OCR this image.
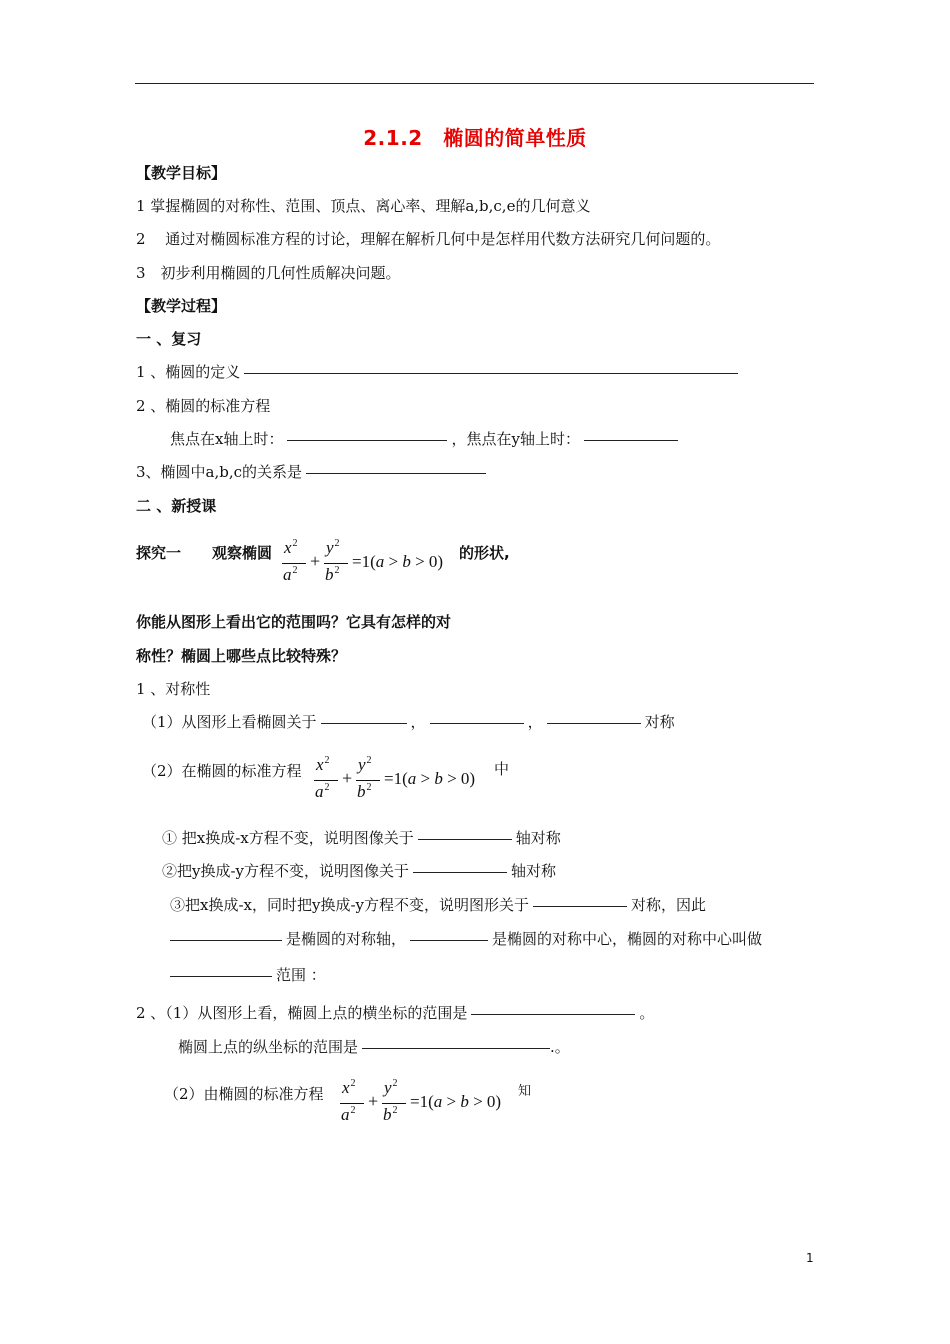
2.1.2　椭圆的简单性质
【教学目标】
1 掌握椭圆的对称性、范围、顶点、离心率、理解a,b,c,e的几何意义
2　 通过对椭圆标准方程的讨论，理解在解析几何中是怎样用代数方法研究几何问题的。
3　初步利用椭圆的几何性质解决问题。
【教学过程】
一 、复习
1 、椭圆的定义
2 、椭圆的标准方程
焦点在x轴上时：	，焦点在y轴上时：
3、椭圆中a,b,c的关系是
二 、新授课
探究一 观察椭圆 $x^2$
$a^2$ +
$y^2$
$b^2 =1(a > b > 0)$ 的形状,
你能从图形上看出它的范围吗？它具有怎样的对
称性？椭圆上哪些点比较特殊？
1 、对称性
（1）从图形上看椭圆关于	，	，	对称
（2）在椭圆的标准方程 $x^2$
$a^2$ +
$y^2$
$b^2 =1(a > b > 0)$ 中
① 把x换成-x方程不变，说明图像关于	轴对称
②把y换成-y方程不变，说明图像关于	轴对称
③把x换成-x，同时把y换成-y方程不变，说明图形关于	对称，因此
是椭圆的对称轴，	是椭圆的对称中心，椭圆的对称中心叫做
范围 ：
2 、（1）从图形上看，椭圆上点的横坐标的范围是	。
椭圆上点的纵坐标的范围是	.。
（2）由椭圆的标准方程 $x^2$
$a^2$ +
$y^2$
$b^2 =1(a > b > 0)$
知
1
